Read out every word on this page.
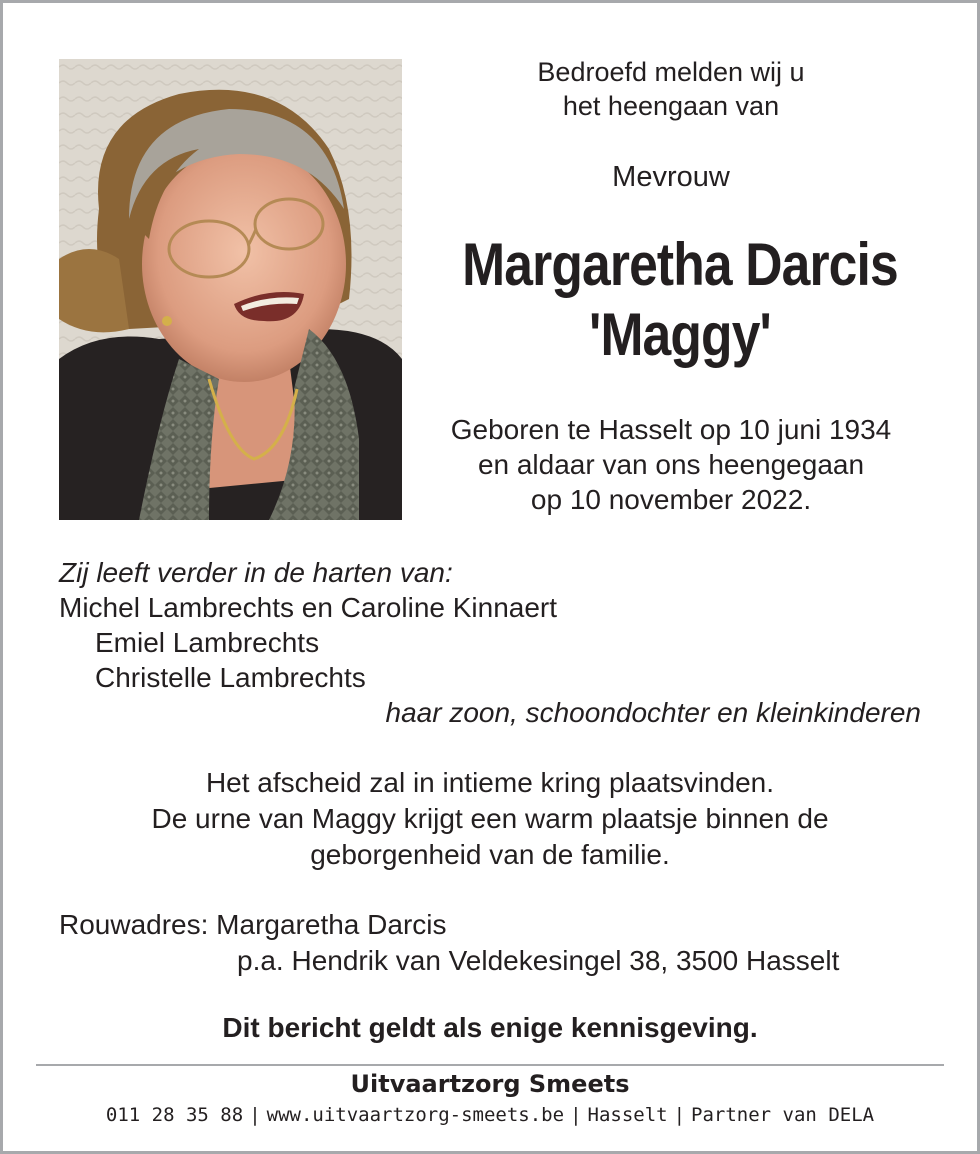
Bedroefd melden wij u
het heengaan van
Mevrouw
Margaretha Darcis
'Maggy'
Geboren te Hasselt op 10 juni 1934
en aldaar van ons heengegaan
op 10 november 2022.
Zij leeft verder in de harten van:
Michel Lambrechts en Caroline Kinnaert
Emiel Lambrechts
Christelle Lambrechts
haar zoon, schoondochter en kleinkinderen
Het afscheid zal in intieme kring plaatsvinden.
De urne van Maggy krijgt een warm plaatsje binnen de
geborgenheid van de familie.
Rouwadres: Margaretha Darcis
p.a. Hendrik van Veldekesingel 38, 3500 Hasselt
Dit bericht geldt als enige kennisgeving.
Uitvaartzorg Smeets
011 28 35 88 | www.uitvaartzorg-smeets.be | Hasselt | Partner van DELA
